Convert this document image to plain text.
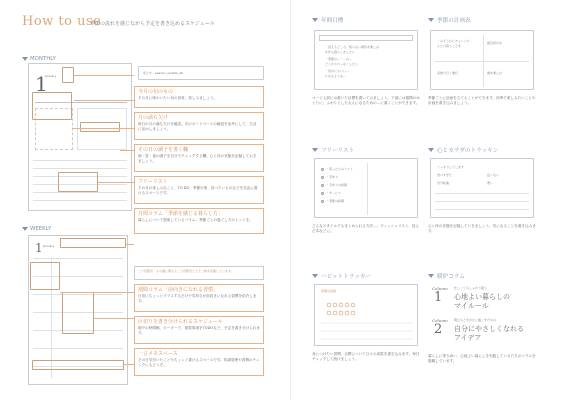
How to use
季節の流れを感じながら予定を書き込めるスケジュール
MONTHLY
1
January
何とか…season_update_26
今月の旬のもの
その月に味わいたい旬の食材。楽しみましょう。
月の満ち欠け
毎日の月の満ち欠けを確認。次のボードページの解説を参考にして、生活に活かしましょう。
その日の調子を書く欄
朝・昼・夜の調子を自分でチェックする欄。心と体の状態を記録しておきましょう。
フリーリスト
その月の楽しみなこと、TO DO、季節行事、食べたいものなどを自由に書けるスペースです。
月間コラム「季節を感じる暮らし方」
暮らしについて提案しているコラム。季節ごとの過ごし方のヒントを。
WEEKLY
1 January
二十四節気　 その週に関わる二十四節気と七十二候を記載しています。
週間コラム「前向きになれる習慣」
日常にちょっとプラスするだけで気持ちが前向きになれる習慣を紹介します。
区切りを書き分けられるスケジュール
朝夕の時間軸、ボーダーで、重要事項をTODOなど、予定を書き分けられます。
一言メモスペース
その日気付いたことやちょっと書けるスペースです。体調管理や習慣のチェックにもどうぞ。
年間目標
・見えるところ、知らない場所を楽しみ
を作る暮らしをしたい
・季節の…・…の…
どこかスローなくしたい
・何かにもいい…
になるような…
ページ上部には書いた目標を書いてみましょう。下部には週間のゆとりに、ふわりとした大人になるための…に書くことができます。
季節の計画表
・みずうちにチャレンジ
ふたつ買うことを
最近何かを
家族で行く旅行	旅を楽しむ
季節ごとに計画を立てることができます。四季で楽しみたいことや計画を書き込みましょう。
フリーリスト
・買ったものリスト
・手作り
・手作りの時間
・サービス
・季節の時間
どんなスタイルでもまとめられる方法…。ウィッシュリスト、読んだ本などに。
心とカラダのトラッキン
ぐっすりしてします
食べすぎた
気分転換
良くない
悪い
心と体の状態を記録していきましょう。気になることを書き込みます。
ハビットトラッカー
習慣の記録
身につけたい習慣、目標について日々の成果を書き込みます。毎日チェックして続けましょう。
暖炉コラム
Column
1
忙しくてもしゃかり届う
心地よい暮らしの
マイルール
Column
2
明日もとさがえに過ごすための
自分にやさしくなれる
アイデア
暮らしに寄り添い、心地よい暮らしを実践しているたちのコラムを掲載しています。
